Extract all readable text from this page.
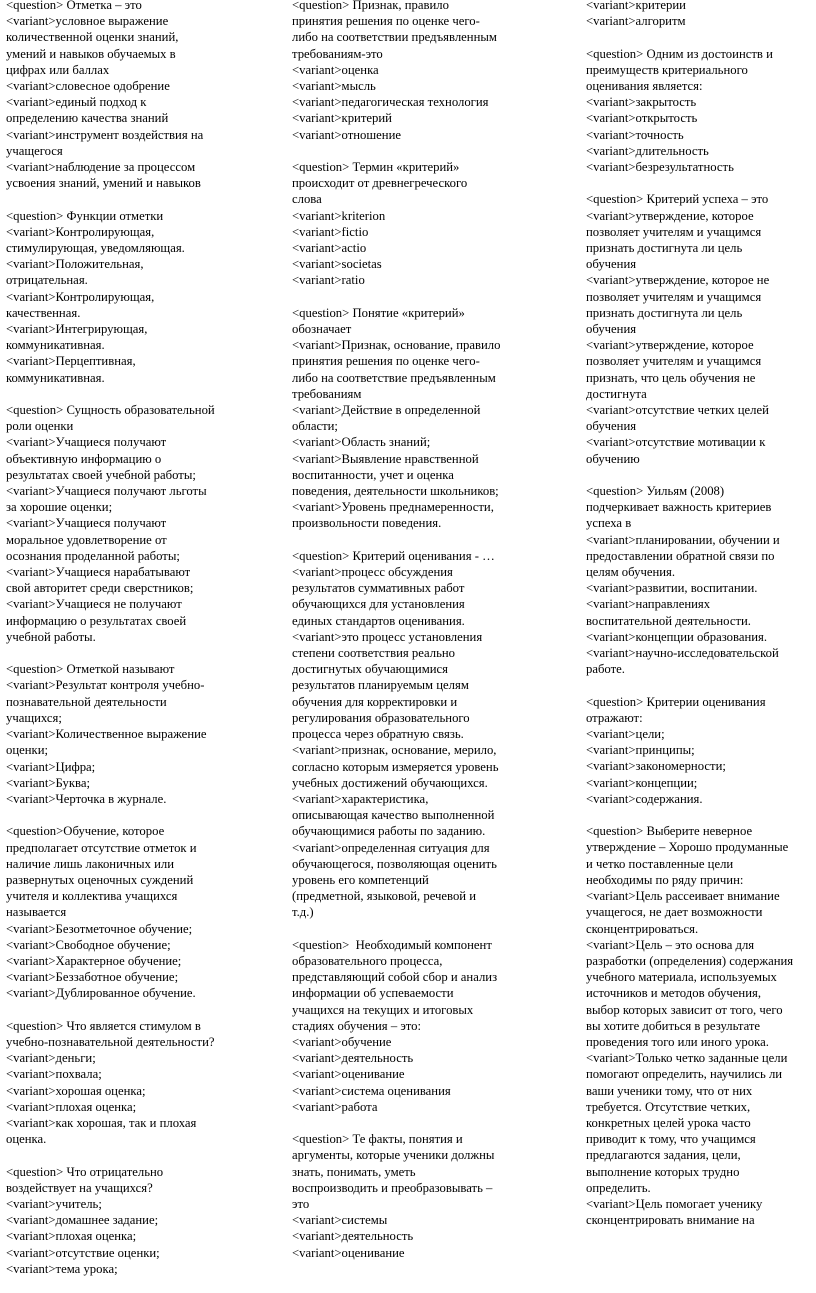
<question> Отметка – это
<variant>условное выражение
количественной оценки знаний,
умений и навыков обучаемых в
цифрах или баллах
<variant>словесное одобрение
<variant>единый подход к
определению качества знаний
<variant>инструмент воздействия на
учащегося
<variant>наблюдение за процессом
усвоения знаний, умений и навыков
<question> Функции отметки
<variant>Контролирующая,
стимулирующая, уведомляющая.
<variant>Положительная,
отрицательная.
<variant>Контролирующая,
качественная.
<variant>Интегрирующая,
коммуникативная.
<variant>Перцептивная,
коммуникативная.
<question> Сущность образовательной
роли оценки
<variant>Учащиеся получают
объективную информацию о
результатах своей учебной работы;
<variant>Учащиеся получают льготы
за хорошие оценки;
<variant>Учащиеся получают
моральное удовлетворение от
осознания проделанной работы;
<variant>Учащиеся нарабатывают
свой авторитет среди сверстников;
<variant>Учащиеся не получают
информацию о результатах своей
учебной работы.
<question> Отметкой называют
<variant>Результат контроля учебно-
познавательной деятельности
учащихся;
<variant>Количественное выражение
оценки;
<variant>Цифра;
<variant>Буква;
<variant>Черточка в журнале.
<question>Обучение, которое
предполагает отсутствие отметок и
наличие лишь лаконичных или
развернутых оценочных суждений
учителя и коллектива учащихся
называется
<variant>Безотметочное обучение;
<variant>Свободное обучение;
<variant>Характерное обучение;
<variant>Беззаботное обучение;
<variant>Дублированное обучение.
<question> Что является стимулом в
учебно-познавательной деятельности?
<variant>деньги;
<variant>похвала;
<variant>хорошая оценка;
<variant>плохая оценка;
<variant>как хорошая, так и плохая
оценка.
<question> Что отрицательно
воздействует на учащихся?
<variant>учитель;
<variant>домашнее задание;
<variant>плохая оценка;
<variant>отсутствие оценки;
<variant>тема урока;
<question> Признак, правило
принятия решения по оценке чего-
либо на соответствии предъявленным
требованиям-это
<variant>оценка
<variant>мысль
<variant>педагогическая технология
<variant>критерий
<variant>отношение
<question> Термин «критерий»
происходит от древнегреческого
слова
<variant>kriterion
<variant>fictio
<variant>actio
<variant>societas
<variant>ratio
<question> Понятие «критерий»
обозначает
<variant>Признак, основание, правило
принятия решения по оценке чего-
либо на соответствие предъявленным
требованиям
<variant>Действие в определенной
области;
<variant>Область знаний;
<variant>Выявление нравственной
воспитанности, учет и оценка
поведения, деятельности школьников;
<variant>Уровень преднамеренности,
произвольности поведения.
<question> Критерий оценивания - …
<variant>процесс обсуждения
результатов суммативных работ
обучающихся для установления
единых стандартов оценивания.
<variant>это процесс установления
степени соответствия реально
достигнутых обучающимися
результатов планируемым целям
обучения для корректировки и
регулирования образовательного
процесса через обратную связь.
<variant>признак, основание, мерило,
согласно которым измеряется уровень
учебных достижений обучающихся.
<variant>характеристика,
описывающая качество выполненной
обучающимися работы по заданию.
<variant>определенная ситуация для
обучающегося, позволяющая оценить
уровень его компетенций
(предметной, языковой, речевой и
т.д.)
<question>  Необходимый компонент
образовательного процесса,
представляющий собой сбор и анализ
информации об успеваемости
учащихся на текущих и итоговых
стадиях обучения – это:
<variant>обучение
<variant>деятельность
<variant>оценивание
<variant>система оценивания
<variant>работа
<question> Те факты, понятия и
аргументы, которые ученики должны
знать, понимать, уметь
воспроизводить и преобразовывать –
это
<variant>системы
<variant>деятельность
<variant>оценивание
<variant>критерии
<variant>алгоритм
<question> Одним из достоинств и
преимуществ критериального
оценивания является:
<variant>закрытость
<variant>открытость
<variant>точность
<variant>длительность
<variant>безрезультатность
<question> Критерий успеха – это
<variant>утверждение, которое
позволяет учителям и учащимся
признать достигнута ли цель
обучения
<variant>утверждение, которое не
позволяет учителям и учащимся
признать достигнута ли цель
обучения
<variant>утверждение, которое
позволяет учителям и учащимся
признать, что цель обучения не
достигнута
<variant>отсутствие четких целей
обучения
<variant>отсутствие мотивации к
обучению
<question> Уильям (2008)
подчеркивает важность критериев
успеха в
<variant>планировании, обучении и
предоставлении обратной связи по
целям обучения.
<variant>развитии, воспитании.
<variant>направлениях
воспитательной деятельности.
<variant>концепции образования.
<variant>научно-исследовательской
работе.
<question> Критерии оценивания
отражают:
<variant>цели;
<variant>принципы;
<variant>закономерности;
<variant>концепции;
<variant>содержания.
<question> Выберите неверное
утверждение – Хорошо продуманные
и четко поставленные цели
необходимы по ряду причин:
<variant>Цель рассеивает внимание
учащегося, не дает возможности
сконцентрироваться.
<variant>Цель – это основа для
разработки (определения) содержания
учебного материала, используемых
источников и методов обучения,
выбор которых зависит от того, чего
вы хотите добиться в результате
проведения того или иного урока.
<variant>Только четко заданные цели
помогают определить, научились ли
ваши ученики тому, что от них
требуется. Отсутствие четких,
конкретных целей урока часто
приводит к тому, что учащимся
предлагаются задания, цели,
выполнение которых трудно
определить.
<variant>Цель помогает ученику
сконцентрировать внимание на
